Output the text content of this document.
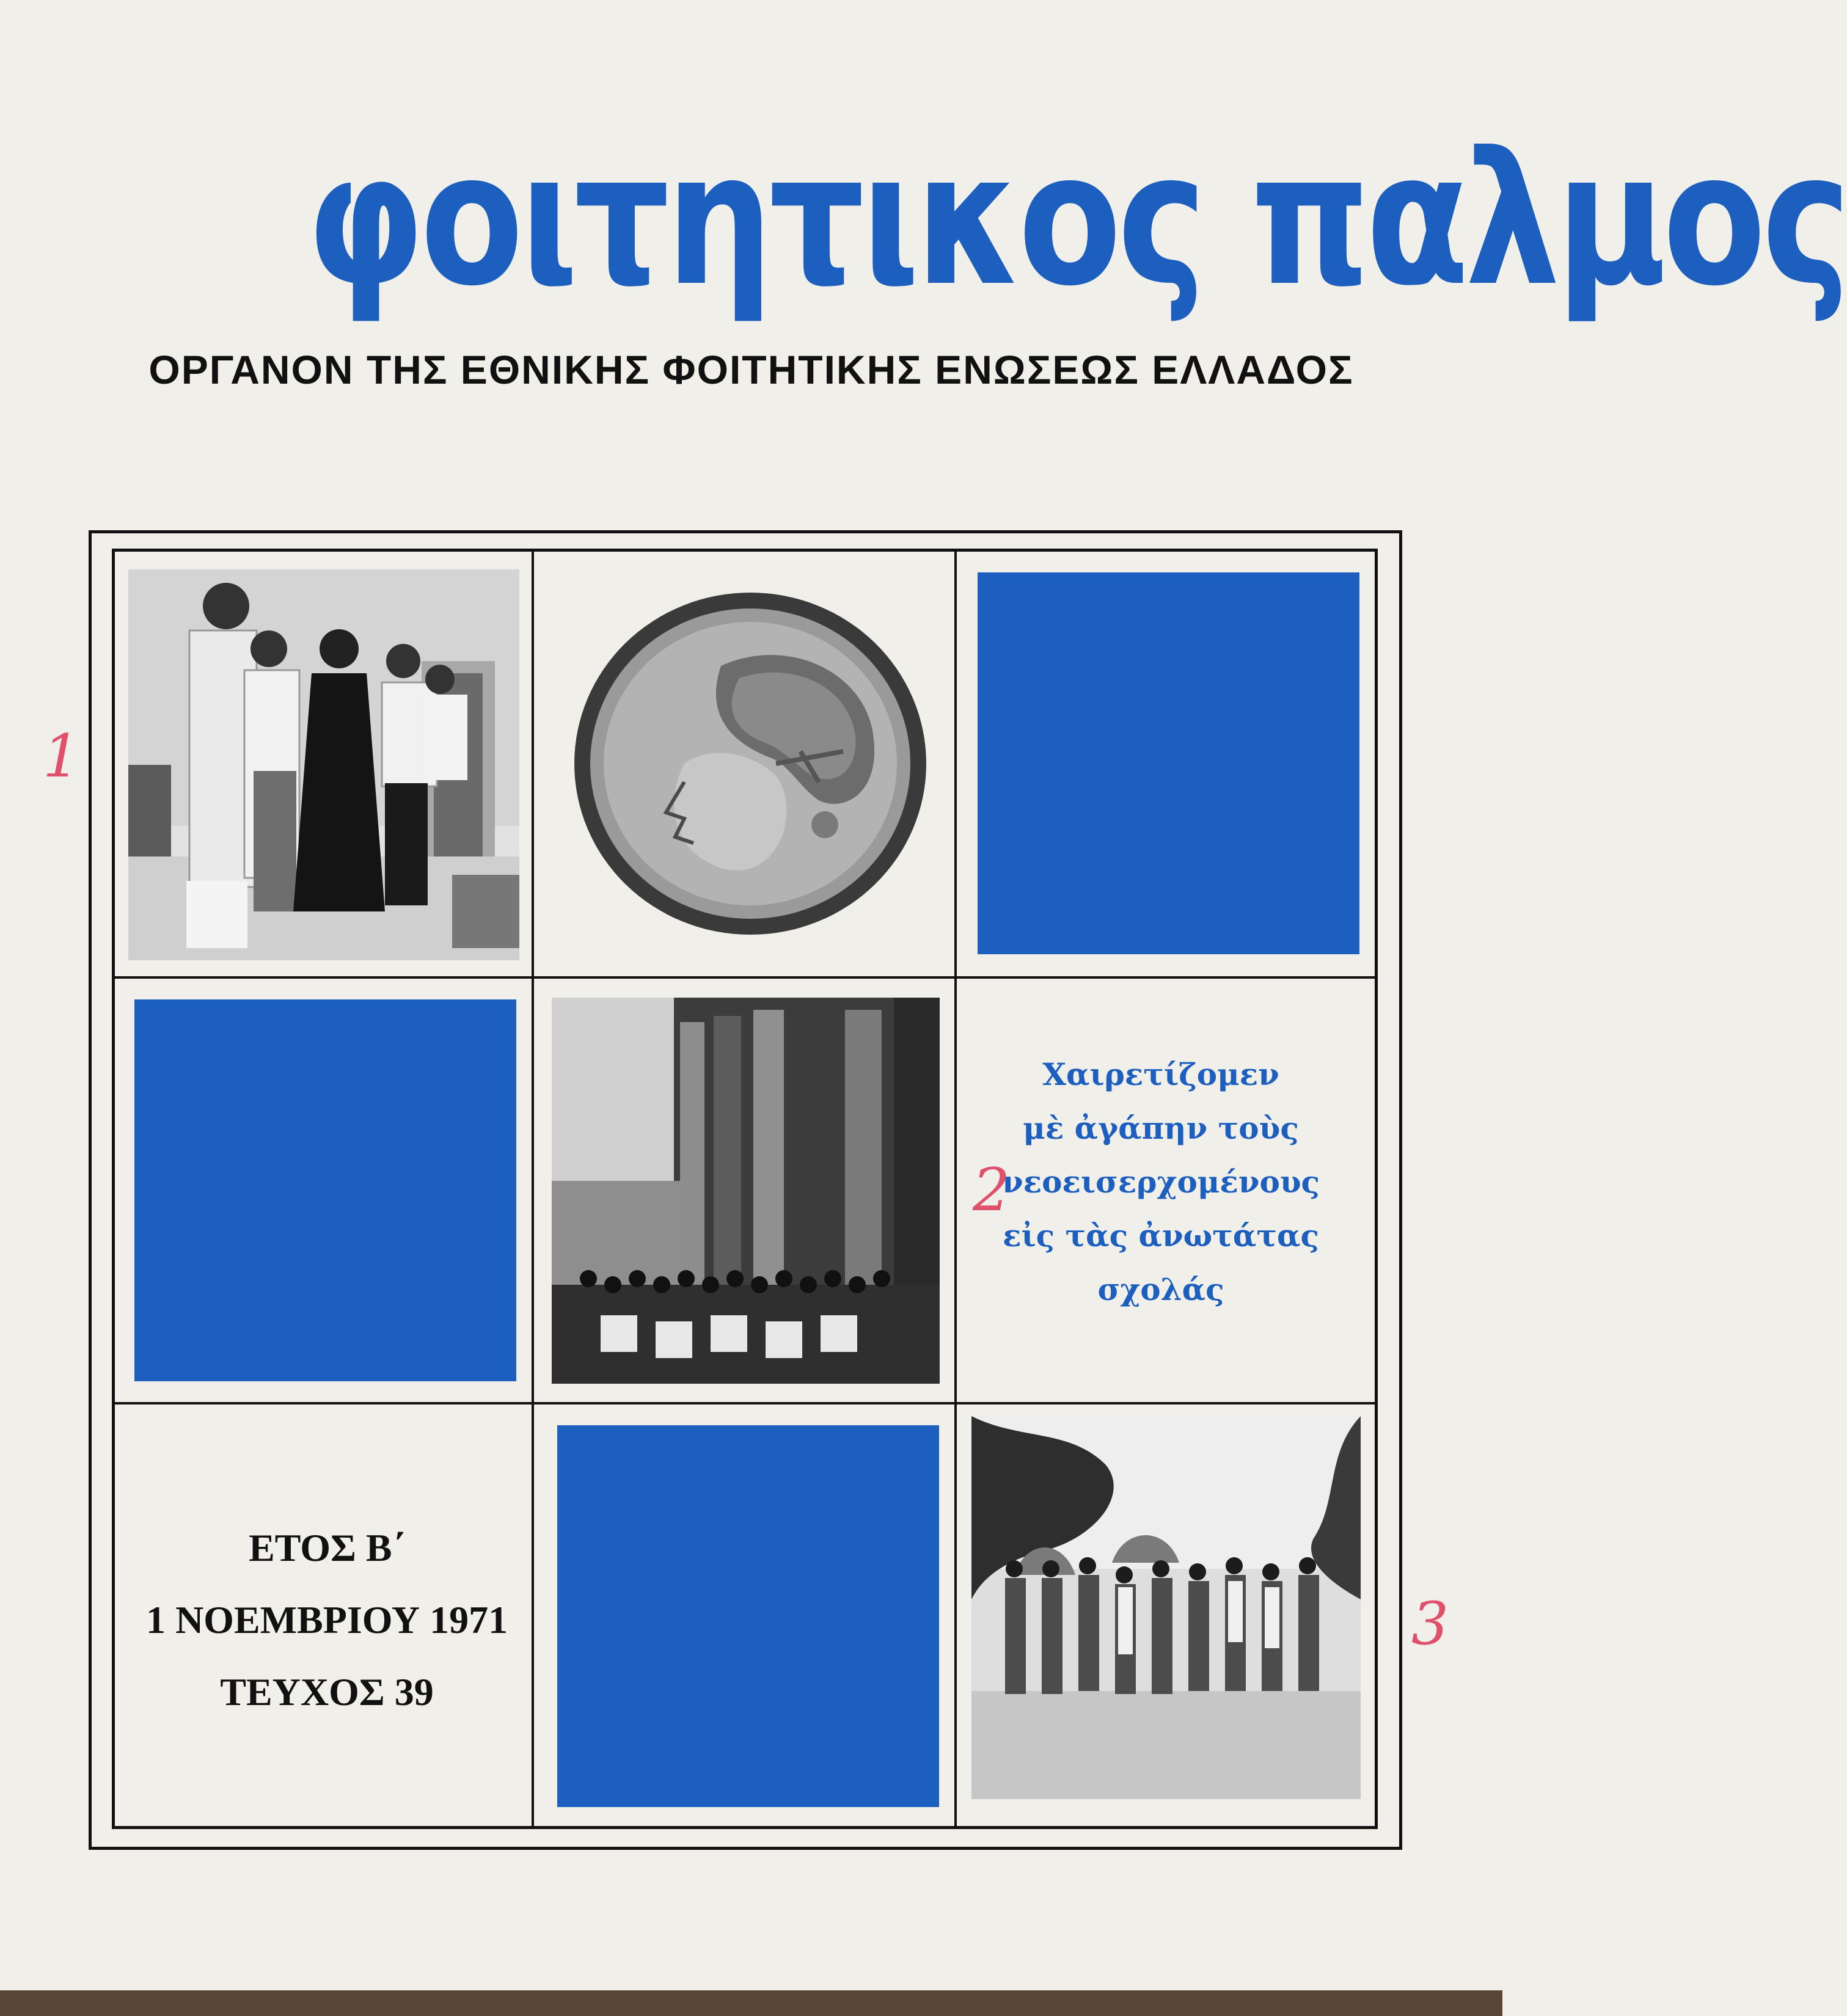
φοιτητικος παλμος
ΟΡΓΑΝΟΝ ΤΗΣ ΕΘΝΙΚΗΣ ΦΟΙΤΗΤΙΚΗΣ ΕΝΩΣΕΩΣ ΕΛΛΑΔΟΣ
Χαιρετίζομεν
μὲ ἀγάπην τοὺς
νεοεισερχομένους
εἰς τὰς ἀνωτάτας
σχολάς
ΕΤΟΣ Β΄
1 ΝΟΕΜΒΡΙΟΥ 1971
ΤΕΥΧΟΣ 39
1
2
3
